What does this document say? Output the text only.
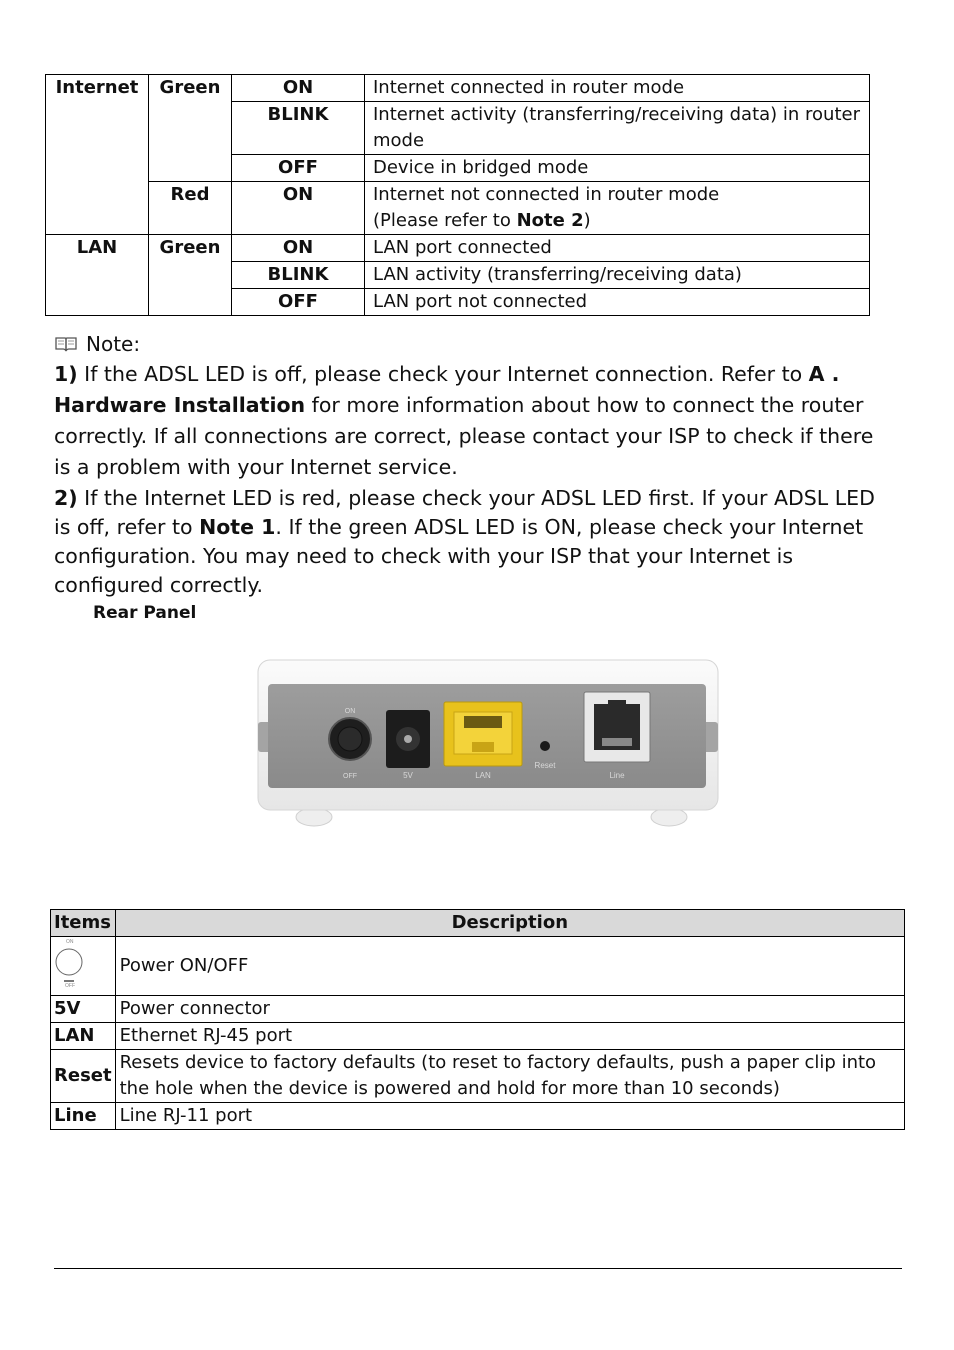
Internet	Green	ON	Internet connected in router mode
		BLINK	Internet activity (transferring/receiving data) in router mode
		OFF	Device in bridged mode
	Red	ON	Internet not connected in router mode
(Please refer to Note 2)
LAN	Green	ON	LAN port connected
		BLINK	LAN activity (transferring/receiving data)
		OFF	LAN port not connected
Note:
1) If the ADSL LED is off, please check your Internet connection. Refer to A . Hardware Installation for more information about how to connect the router correctly. If all connections are correct, please contact your ISP to check if there is a problem with your Internet service.
2) If the Internet LED is red, please check your ADSL LED first. If your ADSL LED is off, refer to Note 1. If the green ADSL LED is ON, please check your Internet configuration. You may need to check with your ISP that your Internet is configured correctly.
Rear Panel
ON
OFF	5V	LAN
Reset
Line
Items	Description

ON
OFF	Power ON/OFF
5V	Power connector
LAN	Ethernet RJ-45 port
Reset	Resets device to factory defaults (to reset to factory defaults, push a paper clip into the hole when the device is powered and hold for more than 10 seconds)
Line	Line RJ-11 port
